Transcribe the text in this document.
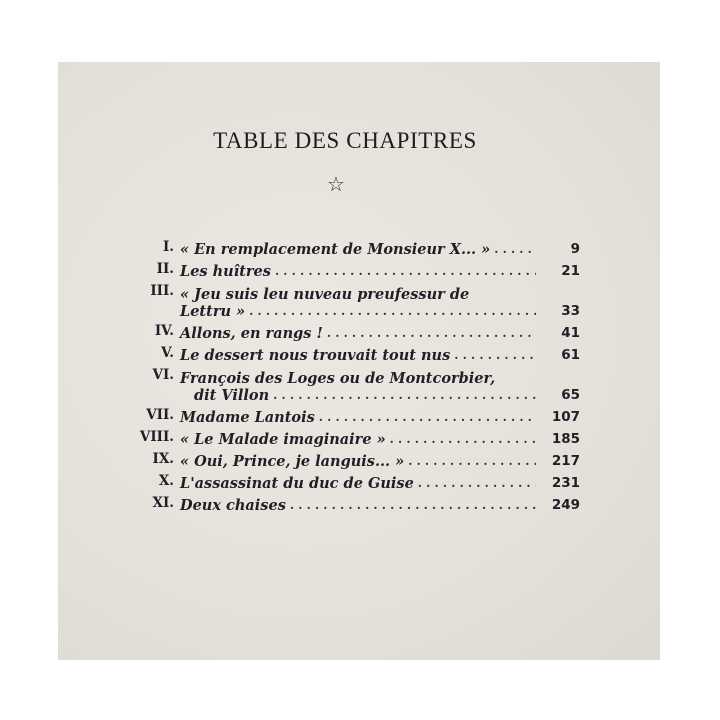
TABLE DES CHAPITRES
☆
I. « En remplacement de Monsieur X... » . . .	9
II. Les huîtres . . .	21
III. « Jeu suis leu nuveau preufessur de
Lettru » . . .	33
IV. Allons, en rangs ! . . .	41
V. Le dessert nous trouvait tout nus . . .	61
VI. François des Loges ou de Montcorbier,
dit Villon . . .	65
VII. Madame Lantois . . .	107
VIII. « Le Malade imaginaire » . . .	185
IX. « Oui, Prince, je languis... » . . .	217
X. L'assassinat du duc de Guise . . .	231
XI. Deux chaises . . .	249
